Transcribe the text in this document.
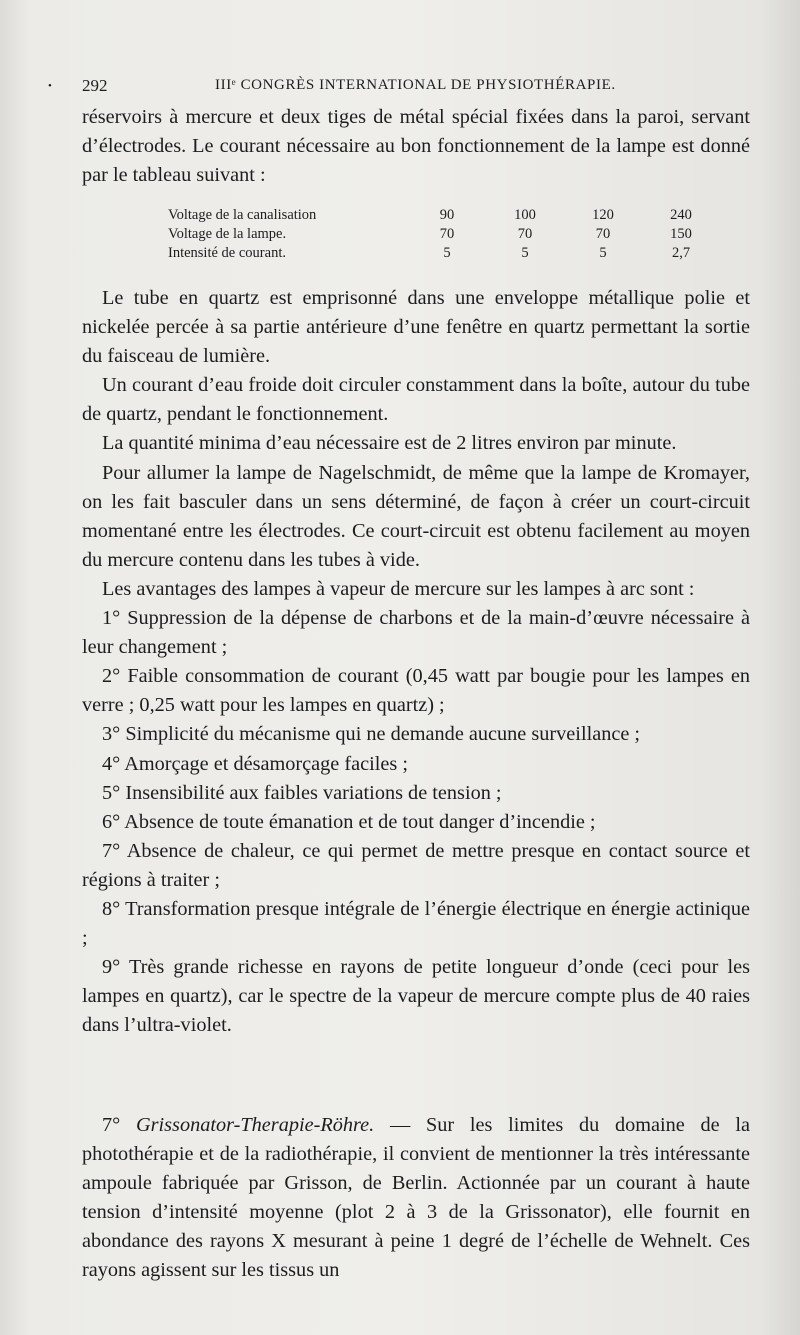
• 292	IIIᵉ CONGRÈS INTERNATIONAL DE PHYSIOTHÉRAPIE.

réservoirs à mercure et deux tiges de métal spécial fixées dans la paroi, servant d’électrodes. Le courant nécessaire au bon fonctionnement de la lampe est donné par le tableau suivant :

Voltage de la canalisation	90	100	120	240
Voltage de la lampe.	70	70	70	150
Intensité de courant.	5	5	5	2,7

Le tube en quartz est emprisonné dans une enveloppe métallique polie et nickelée percée à sa partie antérieure d’une fenêtre en quartz permettant la sortie du faisceau de lumière.

Un courant d’eau froide doit circuler constamment dans la boîte, autour du tube de quartz, pendant le fonctionnement.

La quantité minima d’eau nécessaire est de 2 litres environ par minute.

Pour allumer la lampe de Nagelschmidt, de même que la lampe de Kromayer, on les fait basculer dans un sens déterminé, de façon à créer un court-circuit momentané entre les électrodes. Ce court-circuit est obtenu facilement au moyen du mercure contenu dans les tubes à vide.

Les avantages des lampes à vapeur de mercure sur les lampes à arc sont :

1° Suppression de la dépense de charbons et de la main-d’œuvre nécessaire à leur changement ;

2° Faible consommation de courant (0,45 watt par bougie pour les lampes en verre ; 0,25 watt pour les lampes en quartz) ;

3° Simplicité du mécanisme qui ne demande aucune surveillance ;

4° Amorçage et désamorçage faciles ;

5° Insensibilité aux faibles variations de tension ;

6° Absence de toute émanation et de tout danger d’incendie ;

7° Absence de chaleur, ce qui permet de mettre presque en contact source et régions à traiter ;

8° Transformation presque intégrale de l’énergie électrique en énergie actinique ;

9° Très grande richesse en rayons de petite longueur d’onde (ceci pour les lampes en quartz), car le spectre de la vapeur de mercure compte plus de 40 raies dans l’ultra-violet.

7° Grissonator-Therapie-Röhre. — Sur les limites du domaine de la photothérapie et de la radiothérapie, il convient de mentionner la très intéressante ampoule fabriquée par Grisson, de Berlin. Actionnée par un courant à haute tension d’intensité moyenne (plot 2 à 3 de la Grissonator), elle fournit en abondance des rayons X mesurant à peine 1 degré de l’échelle de Wehnelt. Ces rayons agissent sur les tissus un
